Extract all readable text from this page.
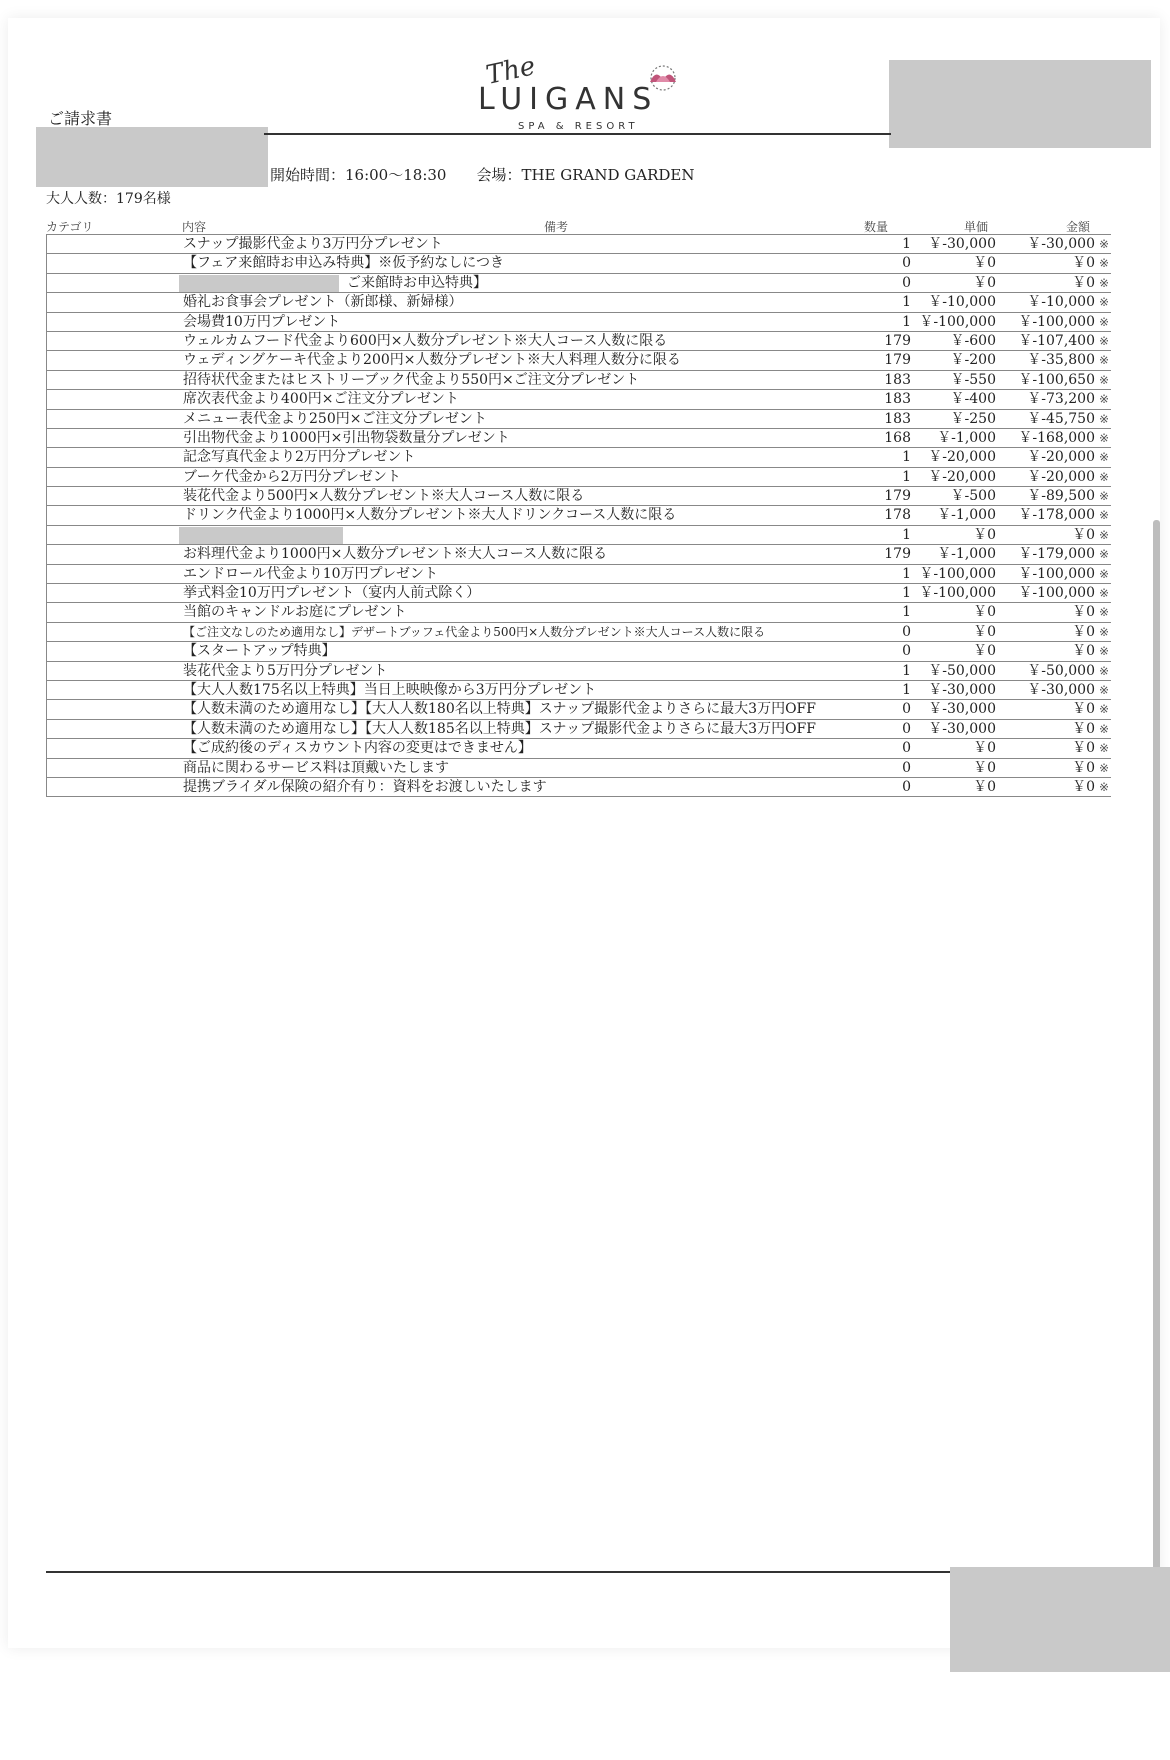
The
LUIGANS
SPA & RESORT
ご請求書
開始時間：16:00～18:30　　会場：THE GRAND GARDEN
大人人数：179名様
カテゴリ	内容	備考	数量	単価	金額
スナップ撮影代金より3万円分プレゼント	1 ￥-30,000 ￥-30,000 ※
【フェア来館時お申込み特典】※仮予約なしにつき	0	￥0	￥0 ※
ご来館時お申込特典】	0	￥0	￥0 ※
婚礼お食事会プレゼント（新郎様、新婦様）	1 ￥-10,000 ￥-10,000 ※
会場費10万円プレゼント	1 ￥-100,000 ￥-100,000 ※
ウェルカムフード代金より600円×人数分プレゼント※大人コース人数に限る	179	￥-600 ￥-107,400 ※
ウェディングケーキ代金より200円×人数分プレゼント※大人料理人数分に限る	179	￥-200 ￥-35,800 ※
招待状代金またはヒストリーブック代金より550円×ご注文分プレゼント	183	￥-550 ￥-100,650 ※
席次表代金より400円×ご注文分プレゼント	183	￥-400 ￥-73,200 ※
メニュー表代金より250円×ご注文分プレゼント	183	￥-250 ￥-45,750 ※
引出物代金より1000円×引出物袋数量分プレゼント	168 ￥-1,000 ￥-168,000 ※
記念写真代金より2万円分プレゼント	1 ￥-20,000 ￥-20,000 ※
ブーケ代金から2万円分プレゼント	1 ￥-20,000 ￥-20,000 ※
装花代金より500円×人数分プレゼント※大人コース人数に限る	179	￥-500 ￥-89,500 ※
ドリンク代金より1000円×人数分プレゼント※大人ドリンクコース人数に限る	178 ￥-1,000 ￥-178,000 ※
1	￥0	￥0 ※
お料理代金より1000円×人数分プレゼント※大人コース人数に限る	179 ￥-1,000 ￥-179,000 ※
エンドロール代金より10万円プレゼント	1 ￥-100,000 ￥-100,000 ※
挙式料金10万円プレゼント（宴内人前式除く）	1 ￥-100,000 ￥-100,000 ※
当館のキャンドルお庭にプレゼント	1	￥0	￥0 ※
【ご注文なしのため適用なし】デザートブッフェ代金より500円×人数分プレゼント※大人コース人数に限る	0	￥0	￥0 ※
【スタートアップ特典】	0	￥0	￥0 ※
装花代金より5万円分プレゼント	1 ￥-50,000 ￥-50,000 ※
【大人人数175名以上特典】当日上映映像から3万円分プレゼント	1 ￥-30,000 ￥-30,000 ※
【人数未満のため適用なし】【大人人数180名以上特典】スナップ撮影代金よりさらに最大3万円OFF	0 ￥-30,000	￥0 ※
【人数未満のため適用なし】【大人人数185名以上特典】スナップ撮影代金よりさらに最大3万円OFF	0 ￥-30,000	￥0 ※
【ご成約後のディスカウント内容の変更はできません】	0	￥0	￥0 ※
商品に関わるサービス料は頂戴いたします	0	￥0	￥0 ※
提携ブライダル保険の紹介有り：資料をお渡しいたします	0	￥0	￥0 ※
